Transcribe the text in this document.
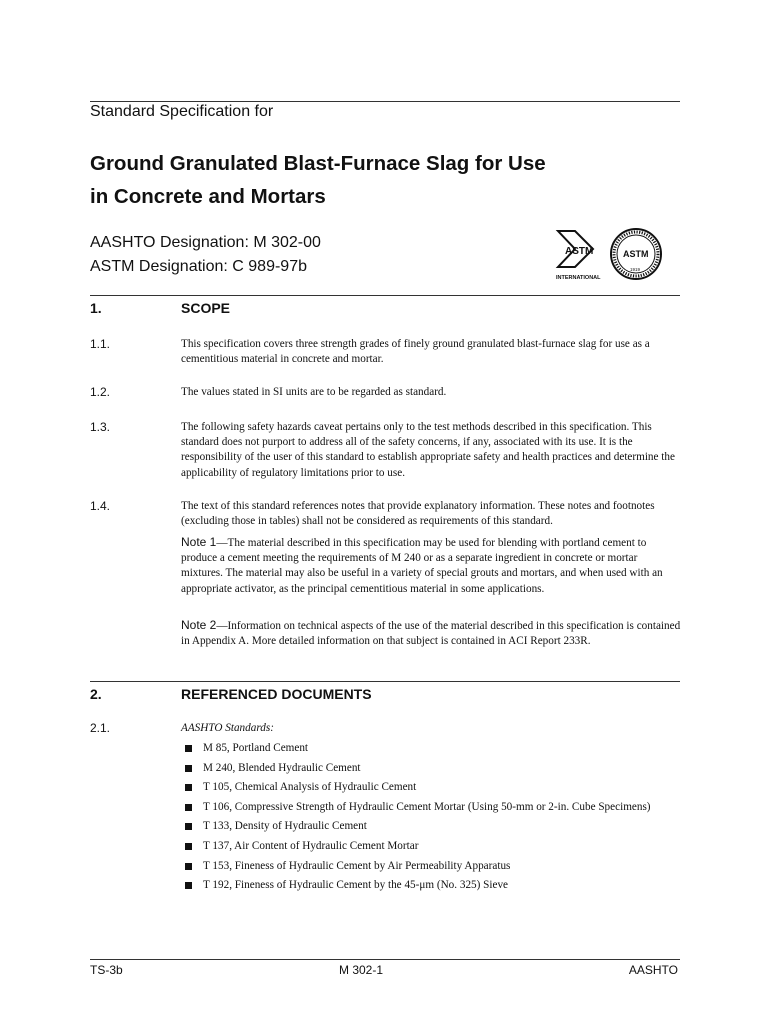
Standard Specification for
Ground Granulated Blast-Furnace Slag for Use
in Concrete and Mortars
AASHTO Designation: M 302-00
ASTM Designation: C 989-97b
ASTM
INTERNATIONAL
ASTM
1919
1.	SCOPE
1.1.	This specification covers three strength grades of finely ground granulated blast-furnace slag for use as a cementitious material in concrete and mortar.
1.2.	The values stated in SI units are to be regarded as standard.
1.3.	The following safety hazards caveat pertains only to the test methods described in this specification. This standard does not purport to address all of the safety concerns, if any, associated with its use. It is the responsibility of the user of this standard to establish appropriate safety and health practices and determine the applicability of regulatory limitations prior to use.
1.4.	The text of this standard references notes that provide explanatory information. These notes and footnotes (excluding those in tables) shall not be considered as requirements of this standard.
Note 1—The material described in this specification may be used for blending with portland cement to produce a cement meeting the requirements of M 240 or as a separate ingredient in concrete or mortar mixtures. The material may also be useful in a variety of special grouts and mortars, and when used with an appropriate activator, as the principal cementitious material in some applications.
Note 2—Information on technical aspects of the use of the material described in this specification is contained in Appendix A. More detailed information on that subject is contained in ACI Report 233R.
2.	REFERENCED DOCUMENTS
2.1.	AASHTO Standards:
M 85, Portland Cement
M 240, Blended Hydraulic Cement
T 105, Chemical Analysis of Hydraulic Cement
T 106, Compressive Strength of Hydraulic Cement Mortar (Using 50-mm or 2-in. Cube Specimens)
T 133, Density of Hydraulic Cement
T 137, Air Content of Hydraulic Cement Mortar
T 153, Fineness of Hydraulic Cement by Air Permeability Apparatus
T 192, Fineness of Hydraulic Cement by the 45-μm (No. 325) Sieve
TS-3b	M 302-1	AASHTO
